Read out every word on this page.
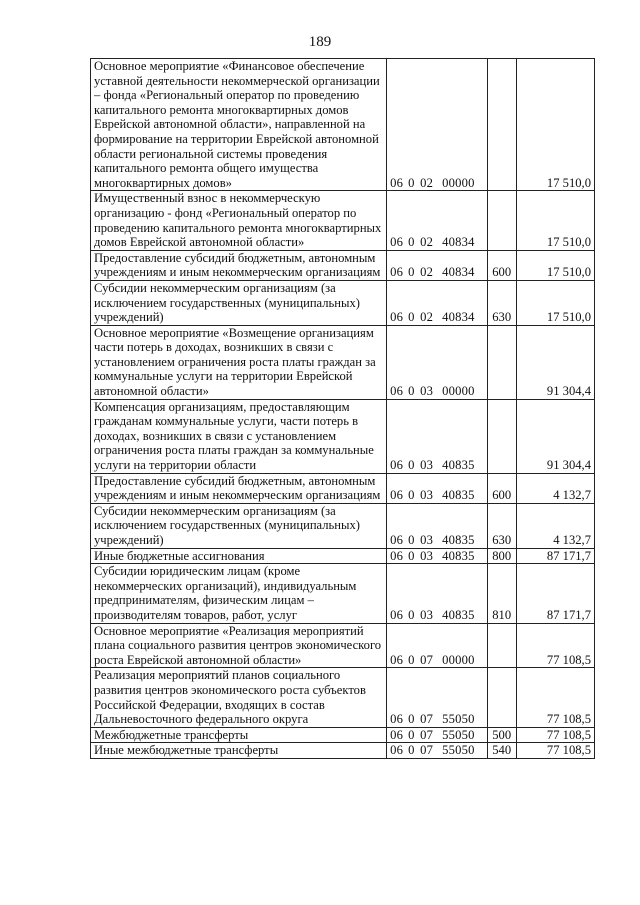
189
Основное мероприятие «Финансовое обеспечение уставной деятельности некоммерческой организации – фонда «Региональный оператор по проведению капитального ремонта многоквартирных домов Еврейской автономной области», направленной на формирование на территории Еврейской автономной области региональной системы проведения капитального ремонта общего имущества многоквартирных домов»	06 0 02 00000		17 510,0
Имущественный взнос в некоммерческую организацию - фонд «Региональный оператор по проведению капитального ремонта многоквартирных домов Еврейской автономной области»	06 0 02 40834		17 510,0
Предоставление субсидий бюджетным, автономным учреждениям и иным некоммерческим организациям	06 0 02 40834	600	17 510,0
Субсидии некоммерческим организациям (за исключением государственных (муниципальных) учреждений)	06 0 02 40834	630	17 510,0
Основное мероприятие «Возмещение организациям части потерь в доходах, возникших в связи с установлением ограничения роста платы граждан за коммунальные услуги на территории Еврейской автономной области»	06 0 03 00000		91 304,4
Компенсация организациям, предоставляющим гражданам коммунальные услуги, части потерь в доходах, возникших в связи с установлением ограничения роста платы граждан за коммунальные услуги на территории области	06 0 03 40835		91 304,4
Предоставление субсидий бюджетным, автономным учреждениям и иным некоммерческим организациям	06 0 03 40835	600	4 132,7
Субсидии некоммерческим организациям (за исключением государственных (муниципальных) учреждений)	06 0 03 40835	630	4 132,7
Иные бюджетные ассигнования	06 0 03 40835	800	87 171,7
Субсидии юридическим лицам (кроме некоммерческих организаций), индивидуальным предпринимателям, физическим лицам – производителям товаров, работ, услуг	06 0 03 40835	810	87 171,7
Основное мероприятие «Реализация мероприятий плана социального развития центров экономического роста Еврейской автономной области»	06 0 07 00000		77 108,5
Реализация мероприятий планов социального развития центров экономического роста субъектов Российской Федерации, входящих в состав Дальневосточного федерального округа	06 0 07 55050		77 108,5
Межбюджетные трансферты	06 0 07 55050	500	77 108,5
Иные межбюджетные трансферты	06 0 07 55050	540	77 108,5
